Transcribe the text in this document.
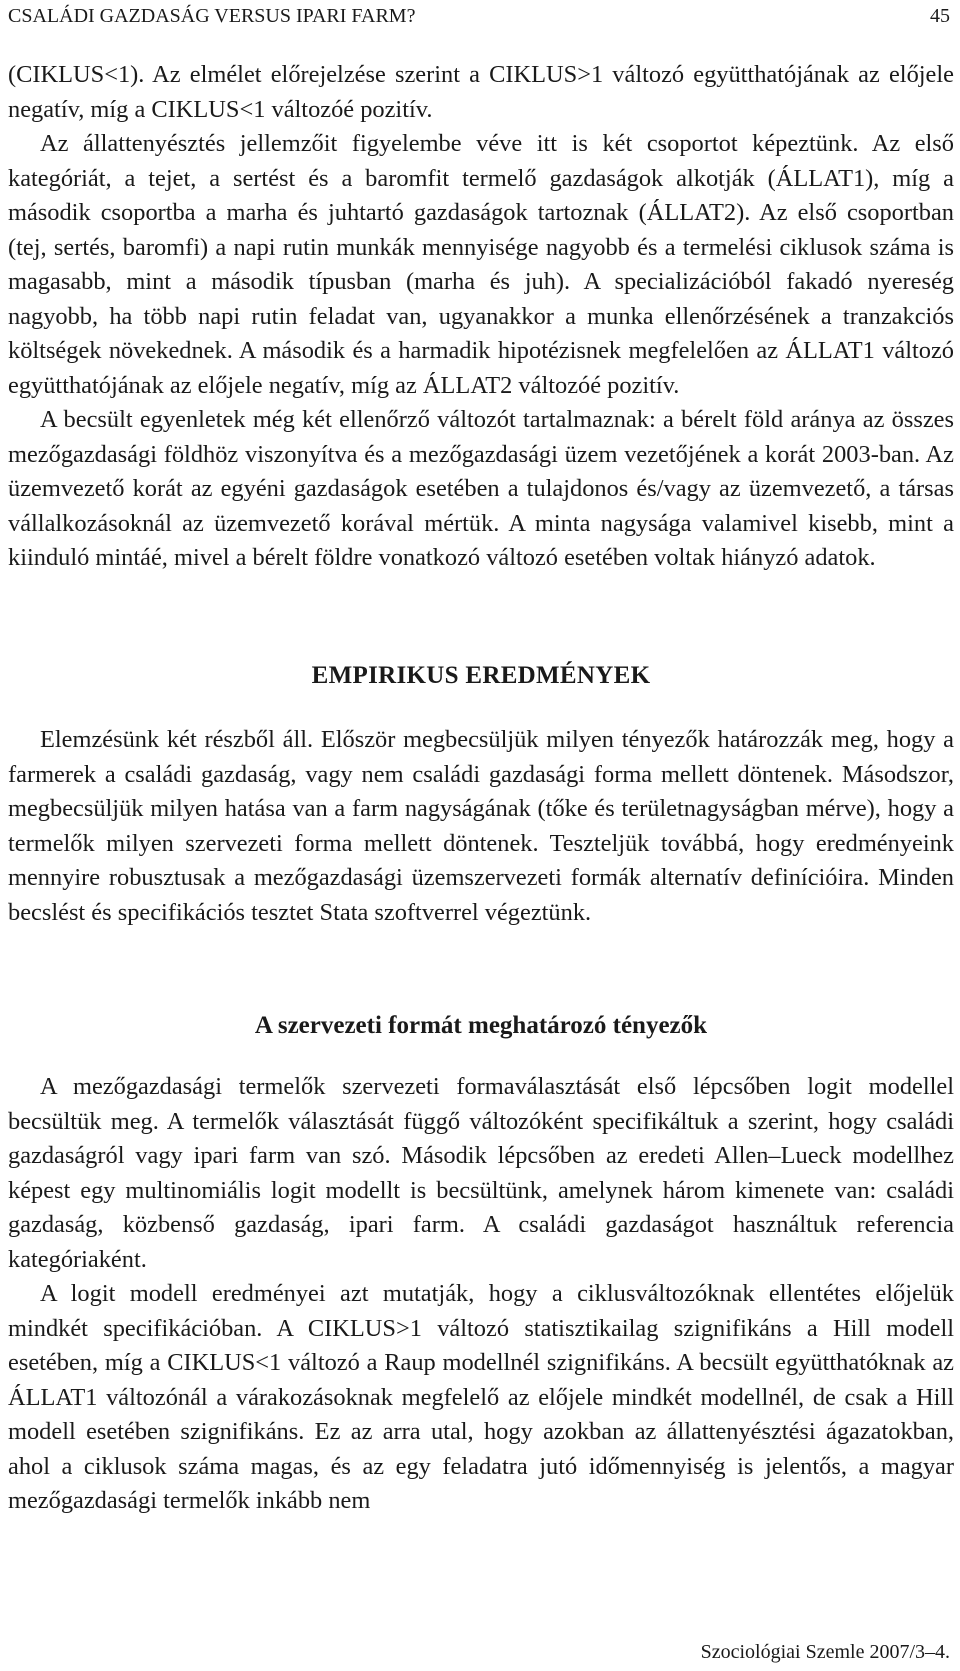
CSALÁDI GAZDASÁG VERSUS IPARI FARM?	45

(CIKLUS<1). Az elmélet előrejelzése szerint a CIKLUS>1 változó együtthatójának az előjele negatív, míg a CIKLUS<1 változóé pozitív.

Az állattenyésztés jellemzőit figyelembe véve itt is két csoportot képeztünk. Az első kategóriát, a tejet, a sertést és a baromfit termelő gazdaságok alkotják (ÁLLAT1), míg a második csoportba a marha és juhtartó gazdaságok tartoznak (ÁLLAT2). Az első csoportban (tej, sertés, baromfi) a napi rutin munkák mennyisége nagyobb és a termelési ciklusok száma is magasabb, mint a második típusban (marha és juh). A specializációból fakadó nyereség nagyobb, ha több napi rutin feladat van, ugyanakkor a munka ellenőrzésének a tranzakciós költségek növekednek. A második és a harmadik hipotézisnek megfelelően az ÁLLAT1 változó együtthatójának az előjele negatív, míg az ÁLLAT2 változóé pozitív.

A becsült egyenletek még két ellenőrző változót tartalmaznak: a bérelt föld aránya az összes mezőgazdasági földhöz viszonyítva és a mezőgazdasági üzem vezetőjének a korát 2003-ban. Az üzemvezető korát az egyéni gazdaságok esetében a tulajdonos és/vagy az üzemvezető, a társas vállalkozásoknál az üzemvezető korával mértük. A minta nagysága valamivel kisebb, mint a kiinduló mintáé, mivel a bérelt földre vonatkozó változó esetében voltak hiányzó adatok.

EMPIRIKUS EREDMÉNYEK

Elemzésünk két részből áll. Először megbecsüljük milyen tényezők határozzák meg, hogy a farmerek a családi gazdaság, vagy nem családi gazdasági forma mellett döntenek. Másodszor, megbecsüljük milyen hatása van a farm nagyságának (tőke és területnagyságban mérve), hogy a termelők milyen szervezeti forma mellett döntenek. Teszteljük továbbá, hogy eredményeink mennyire robusztusak a mezőgazdasági üzemszervezeti formák alternatív definícióira. Minden becslést és specifikációs tesztet Stata szoftverrel végeztünk.

A szervezeti formát meghatározó tényezők

A mezőgazdasági termelők szervezeti formaválasztását első lépcsőben logit modellel becsültük meg. A termelők választását függő változóként specifikáltuk a szerint, hogy családi gazdaságról vagy ipari farm van szó. Második lépcsőben az eredeti Allen–Lueck modellhez képest egy multinomiális logit modellt is becsültünk, amelynek három kimenete van: családi gazdaság, közbenső gazdaság, ipari farm. A családi gazdaságot használtuk referencia kategóriaként.

A logit modell eredményei azt mutatják, hogy a ciklusváltozóknak ellentétes előjelük mindkét specifikációban. A CIKLUS>1 változó statisztikailag szignifikáns a Hill modell esetében, míg a CIKLUS<1 változó a Raup modellnél szignifikáns. A becsült együtthatóknak az ÁLLAT1 változónál a várakozásoknak megfelelő az előjele mindkét modellnél, de csak a Hill modell esetében szignifikáns. Ez az arra utal, hogy azokban az állattenyésztési ágazatokban, ahol a ciklusok száma magas, és az egy feladatra jutó időmennyiség is jelentős, a magyar mezőgazdasági termelők inkább nem

Szociológiai Szemle 2007/3–4.
